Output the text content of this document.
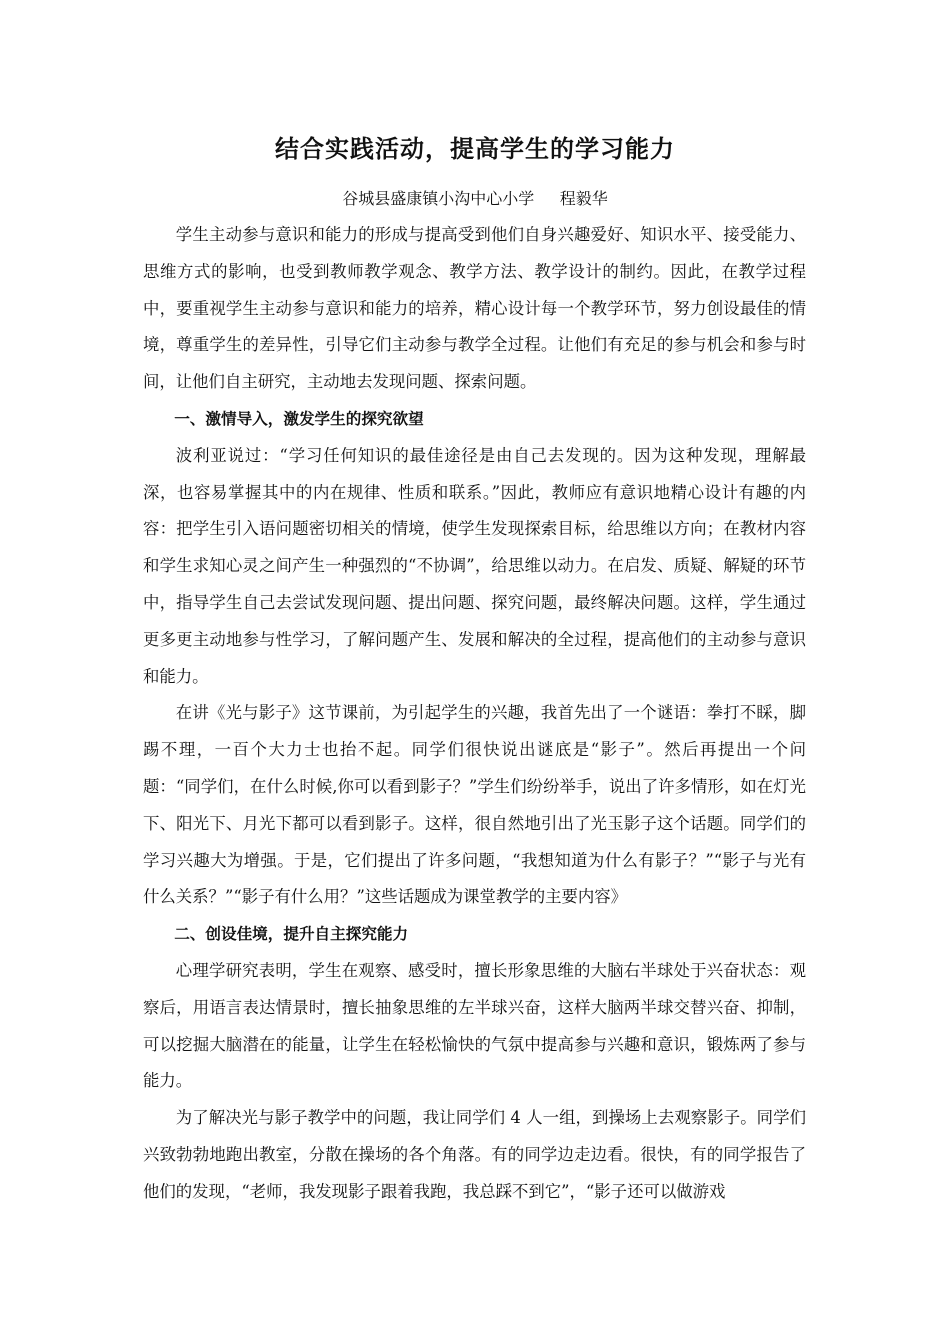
结合实践活动，提高学生的学习能力
谷城县盛康镇小沟中心小学     程毅华

学生主动参与意识和能力的形成与提高受到他们自身兴趣爱好、知识水平、接受能力、思维方式的影响，也受到教师教学观念、教学方法、教学设计的制约。因此，在教学过程中，要重视学生主动参与意识和能力的培养，精心设计每一个教学环节，努力创设最佳的情境，尊重学生的差异性，引导它们主动参与教学全过程。让他们有充足的参与机会和参与时间，让他们自主研究，主动地去发现问题、探索问题。

一、激情导入，激发学生的探究欲望

波利亚说过：“学习任何知识的最佳途径是由自己去发现的。因为这种发现，理解最深，也容易掌握其中的内在规律、性质和联系。”因此，教师应有意识地精心设计有趣的内容：把学生引入语问题密切相关的情境，使学生发现探索目标，给思维以方向；在教材内容和学生求知心灵之间产生一种强烈的“不协调”，给思维以动力。在启发、质疑、解疑的环节中，指导学生自己去尝试发现问题、提出问题、探究问题，最终解决问题。这样，学生通过更多更主动地参与性学习，了解问题产生、发展和解决的全过程，提高他们的主动参与意识和能力。

在讲《光与影子》这节课前，为引起学生的兴趣，我首先出了一个谜语：拳打不睬，脚踢不理，一百个大力士也抬不起。同学们很快说出谜底是“影子”。然后再提出一个问题：“同学们，在什么时候,你可以看到影子？”学生们纷纷举手，说出了许多情形，如在灯光下、阳光下、月光下都可以看到影子。这样，很自然地引出了光玉影子这个话题。同学们的学习兴趣大为增强。于是，它们提出了许多问题，“我想知道为什么有影子？”“影子与光有什么关系？”“影子有什么用？”这些话题成为课堂教学的主要内容》

二、创设佳境，提升自主探究能力

心理学研究表明，学生在观察、感受时，擅长形象思维的大脑右半球处于兴奋状态：观察后，用语言表达情景时，擅长抽象思维的左半球兴奋，这样大脑两半球交替兴奋、抑制，可以挖掘大脑潜在的能量，让学生在轻松愉快的气氛中提高参与兴趣和意识，锻炼两了参与能力。

为了解决光与影子教学中的问题，我让同学们 4 人一组，到操场上去观察影子。同学们兴致勃勃地跑出教室，分散在操场的各个角落。有的同学边走边看。很快，有的同学报告了他们的发现，“老师，我发现影子跟着我跑，我总踩不到它”，“影子还可以做游戏
